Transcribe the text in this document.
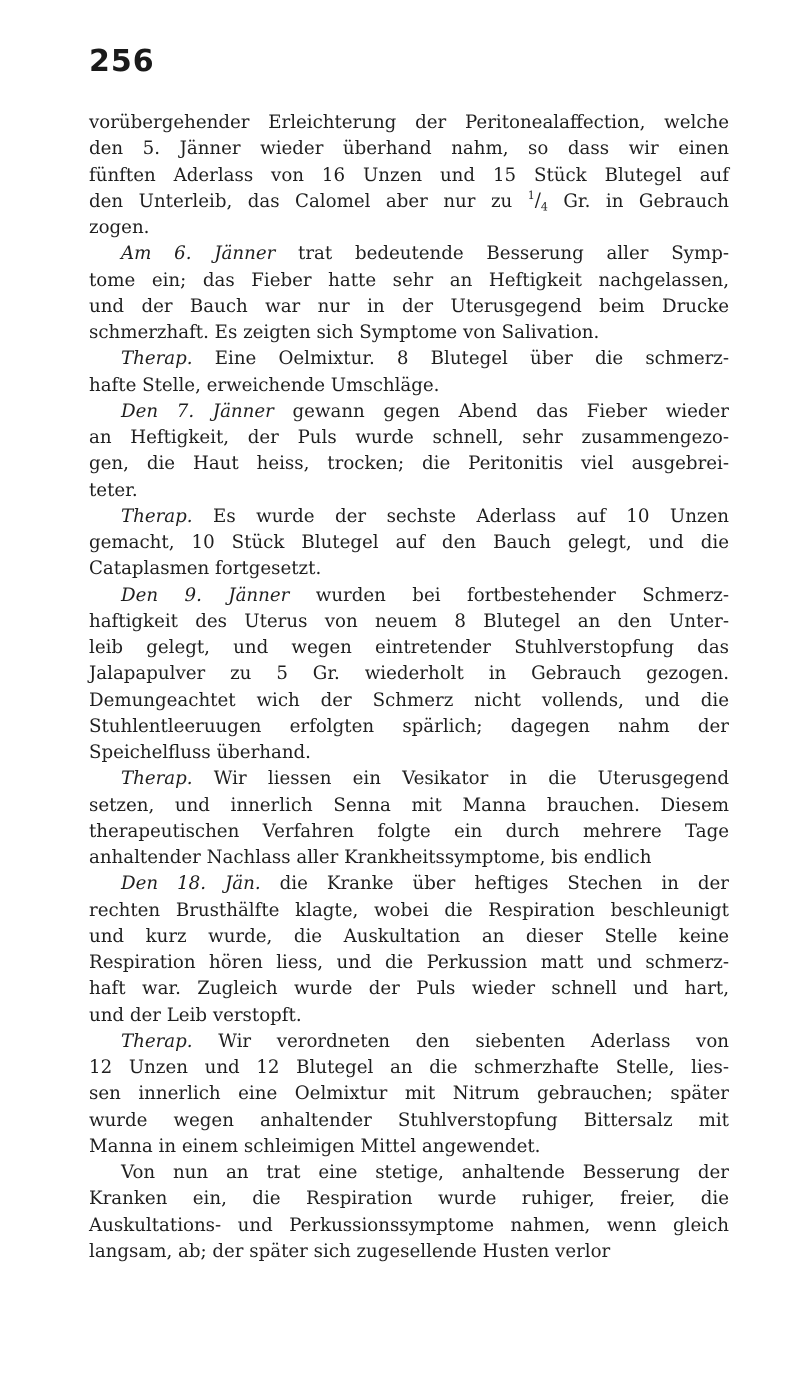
256
vorübergehender Erleichterung der Peritonealaffection, welche
den 5. Jänner wieder überhand nahm, so dass wir einen
fünften Aderlass von 16 Unzen und 15 Stück Blutegel auf
den Unterleib, das Calomel aber nur zu $^1/_4$ Gr. in Gebrauch
zogen.
Am 6. Jänner trat bedeutende Besserung aller Symp-
tome ein; das Fieber hatte sehr an Heftigkeit nachgelassen,
und der Bauch war nur in der Uterusgegend beim Drucke
schmerzhaft. Es zeigten sich Symptome von Salivation.
Therap. Eine Oelmixtur. 8 Blutegel über die schmerz-
hafte Stelle, erweichende Umschläge.
Den 7. Jänner gewann gegen Abend das Fieber wieder
an Heftigkeit, der Puls wurde schnell, sehr zusammengezo-
gen, die Haut heiss, trocken; die Peritonitis viel ausgebrei-
teter.
Therap. Es wurde der sechste Aderlass auf 10 Unzen
gemacht, 10 Stück Blutegel auf den Bauch gelegt, und die
Cataplasmen fortgesetzt.
Den 9. Jänner wurden bei fortbestehender Schmerz-
haftigkeit des Uterus von neuem 8 Blutegel an den Unter-
leib gelegt, und wegen eintretender Stuhlverstopfung das
Jalapapulver zu 5 Gr. wiederholt in Gebrauch gezogen.
Demungeachtet wich der Schmerz nicht vollends, und die
Stuhlentleeruugen erfolgten spärlich; dagegen nahm der
Speichelfluss überhand.
Therap. Wir liessen ein Vesikator in die Uterusgegend
setzen, und innerlich Senna mit Manna brauchen. Diesem
therapeutischen Verfahren folgte ein durch mehrere Tage
anhaltender Nachlass aller Krankheitssymptome, bis endlich
Den 18. Jän. die Kranke über heftiges Stechen in der
rechten Brusthälfte klagte, wobei die Respiration beschleunigt
und kurz wurde, die Auskultation an dieser Stelle keine
Respiration hören liess, und die Perkussion matt und schmerz-
haft war. Zugleich wurde der Puls wieder schnell und hart,
und der Leib verstopft.
Therap. Wir verordneten den siebenten Aderlass von
12 Unzen und 12 Blutegel an die schmerzhafte Stelle, lies-
sen innerlich eine Oelmixtur mit Nitrum gebrauchen; später
wurde wegen anhaltender Stuhlverstopfung Bittersalz mit
Manna in einem schleimigen Mittel angewendet.
Von nun an trat eine stetige, anhaltende Besserung der
Kranken ein, die Respiration wurde ruhiger, freier, die
Auskultations- und Perkussionssymptome nahmen, wenn gleich
langsam, ab; der später sich zugesellende Husten verlor
